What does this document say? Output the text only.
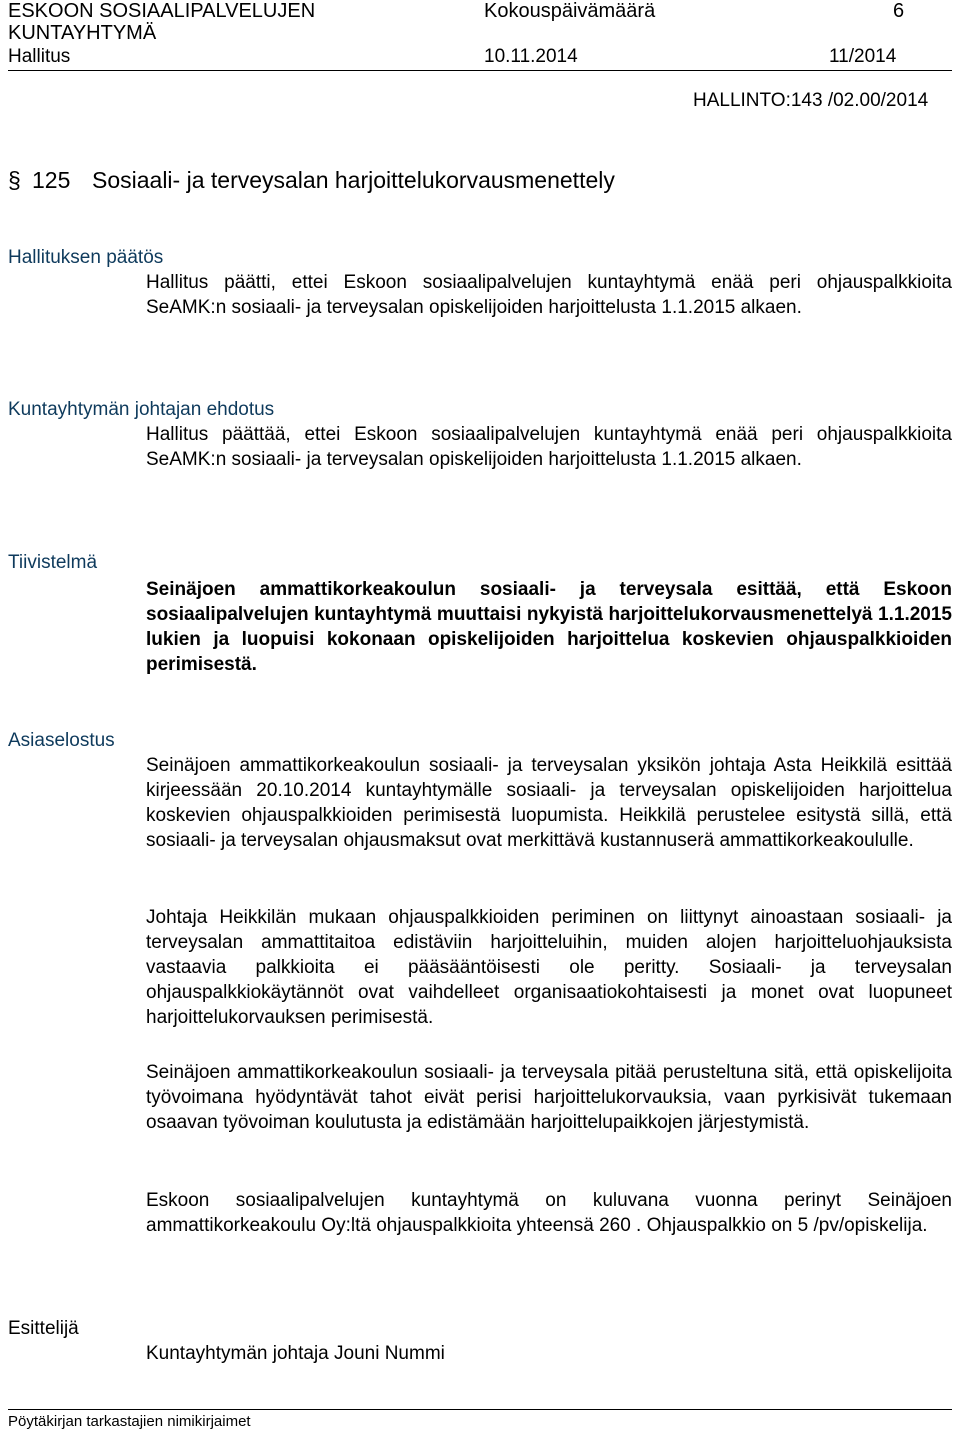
ESKOON SOSIAALIPALVELUJEN
KUNTAYHTYMÄ
Kokouspäivämäärä	6
Hallitus	10.11.2014	11/2014
HALLINTO:143 /02.00/2014
§ 125 Sosiaali- ja terveysalan harjoittelukorvausmenettely
Hallituksen päätös
Hallitus päätti, ettei Eskoon sosiaalipalvelujen kuntayhtymä enää peri ohjauspalkkioita SeAMK:n sosiaali- ja terveysalan opiskelijoiden harjoittelusta 1.1.2015 alkaen.
Kuntayhtymän johtajan ehdotus
Hallitus päättää, ettei Eskoon sosiaalipalvelujen kuntayhtymä enää peri ohjauspalkkioita SeAMK:n sosiaali- ja terveysalan opiskelijoiden harjoittelusta 1.1.2015 alkaen.
Tiivistelmä
Seinäjoen ammattikorkeakoulun sosiaali- ja terveysala esittää, että Eskoon sosiaalipalvelujen kuntayhtymä muuttaisi nykyistä harjoittelukorvausmenettelyä 1.1.2015 lukien ja luopuisi kokonaan opiskelijoiden harjoittelua koskevien ohjauspalkkioiden perimisestä.
Asiaselostus
Seinäjoen ammattikorkeakoulun sosiaali- ja terveysalan yksikön johtaja Asta Heikkilä esittää kirjeessään 20.10.2014 kuntayhtymälle sosiaali- ja terveysalan opiskelijoiden harjoittelua koskevien ohjauspalkkioiden perimisestä luopumista. Heikkilä perustelee esitystä sillä, että sosiaali- ja terveysalan ohjausmaksut ovat merkittävä kustannuserä ammattikorkeakoululle.
Johtaja Heikkilän mukaan ohjauspalkkioiden periminen on liittynyt ainoastaan sosiaali- ja terveysalan ammattitaitoa edistäviin harjoitteluihin, muiden alojen harjoitteluohjauksista vastaavia palkkioita ei pääsääntöisesti ole peritty. Sosiaali- ja terveysalan ohjauspalkkiokäytännöt ovat vaihdelleet organisaatiokohtaisesti ja monet ovat luopuneet harjoittelukorvauksen perimisestä.
Seinäjoen ammattikorkeakoulun sosiaali- ja terveysala pitää perusteltuna sitä, että opiskelijoita työvoimana hyödyntävät tahot eivät perisi harjoittelukorvauksia, vaan pyrkisivät tukemaan osaavan työvoiman koulutusta ja edistämään harjoittelupaikkojen järjestymistä.
Eskoon sosiaalipalvelujen kuntayhtymä on kuluvana vuonna perinyt Seinäjoen ammattikorkeakoulu Oy:ltä ohjauspalkkioita yhteensä 260 . Ohjauspalkkio on 5 /pv/opiskelija.
Esittelijä
Kuntayhtymän johtaja Jouni Nummi
Pöytäkirjan tarkastajien nimikirjaimet
